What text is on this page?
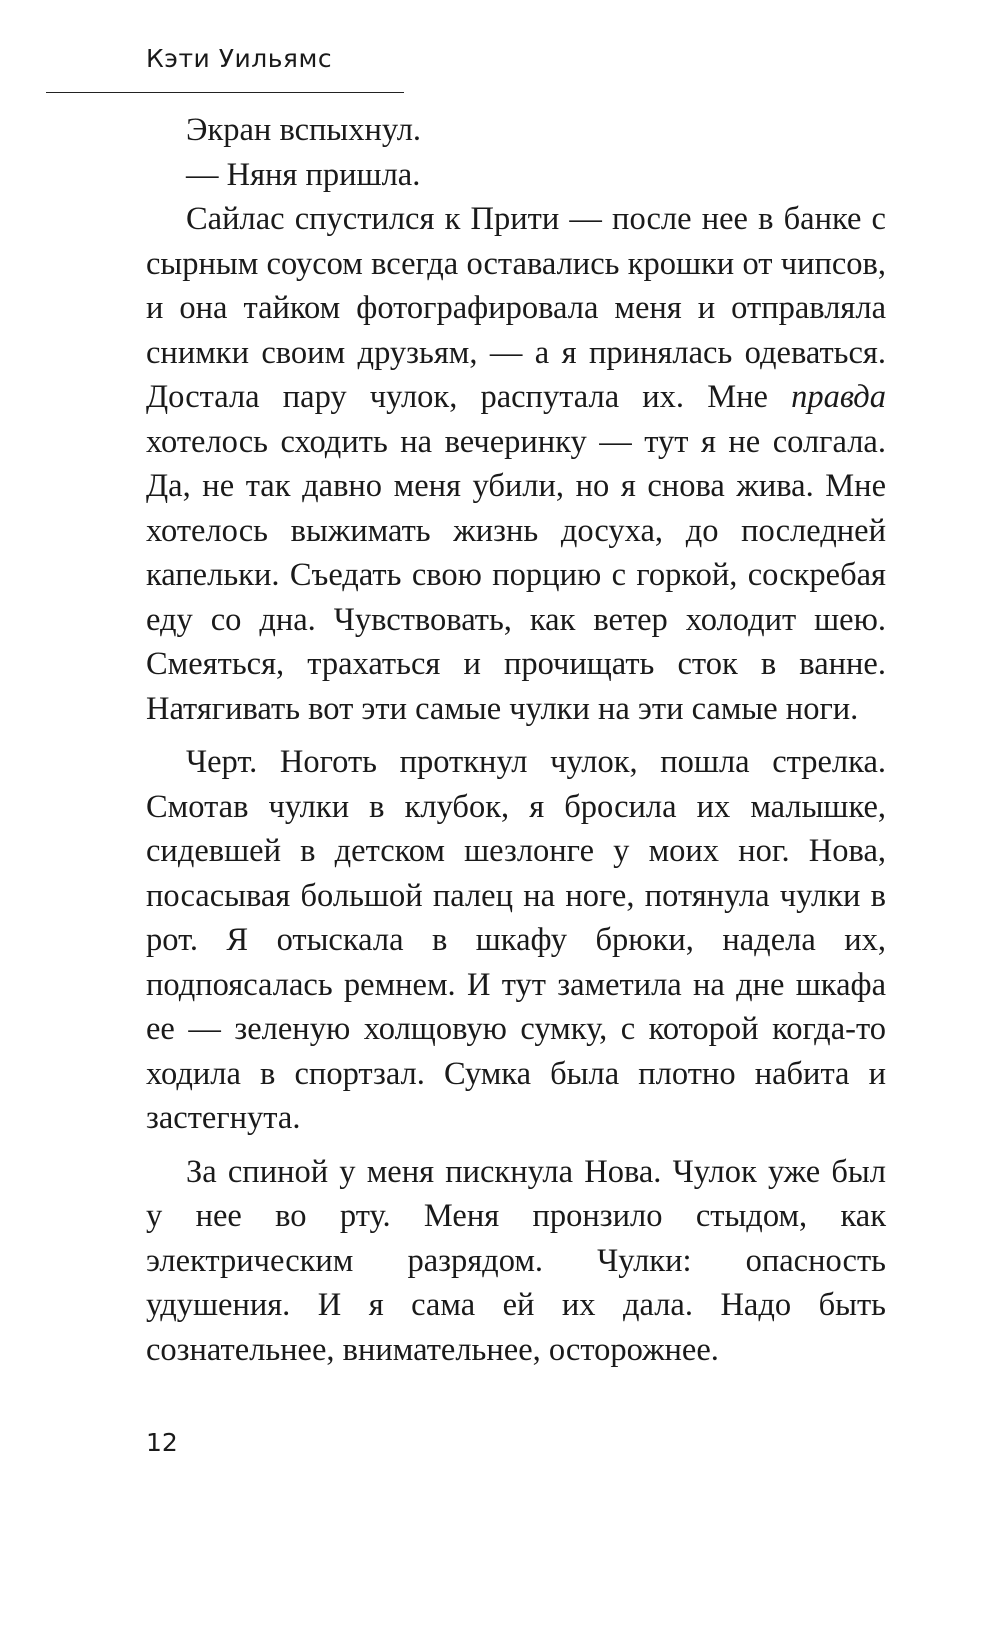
Кэти Уильямс

Экран вспыхнул.

— Няня пришла.

Сайлас спустился к Прити — после нее в банке с сырным соусом всегда оставались крошки от чипсов, и она тайком фотографировала меня и отправляла снимки своим друзьям, — а я принялась одеваться. Достала пару чулок, распутала их. Мне правда хотелось сходить на вечеринку — тут я не солгала. Да, не так давно меня убили, но я снова жива. Мне хотелось выжимать жизнь досуха, до последней капельки. Съедать свою порцию с горкой, соскребая еду со дна. Чувствовать, как ветер холодит шею. Смеяться, трахаться и прочищать сток в ванне. Натягивать вот эти самые чулки на эти самые ноги.

Черт. Ноготь проткнул чулок, пошла стрелка. Смотав чулки в клубок, я бросила их малышке, сидевшей в детском шезлонге у моих ног. Нова, посасывая большой палец на ноге, потянула чулки в рот. Я отыскала в шкафу брюки, надела их, подпоясалась ремнем. И тут заметила на дне шкафа ее — зеленую холщовую сумку, с которой когда-то ходила в спортзал. Сумка была плотно набита и застегнута.

За спиной у меня пискнула Нова. Чулок уже был у нее во рту. Меня пронзило стыдом, как электрическим разрядом. Чулки: опасность удушения. И я сама ей их дала. Надо быть сознательнее, внимательнее, осторожнее.

12
